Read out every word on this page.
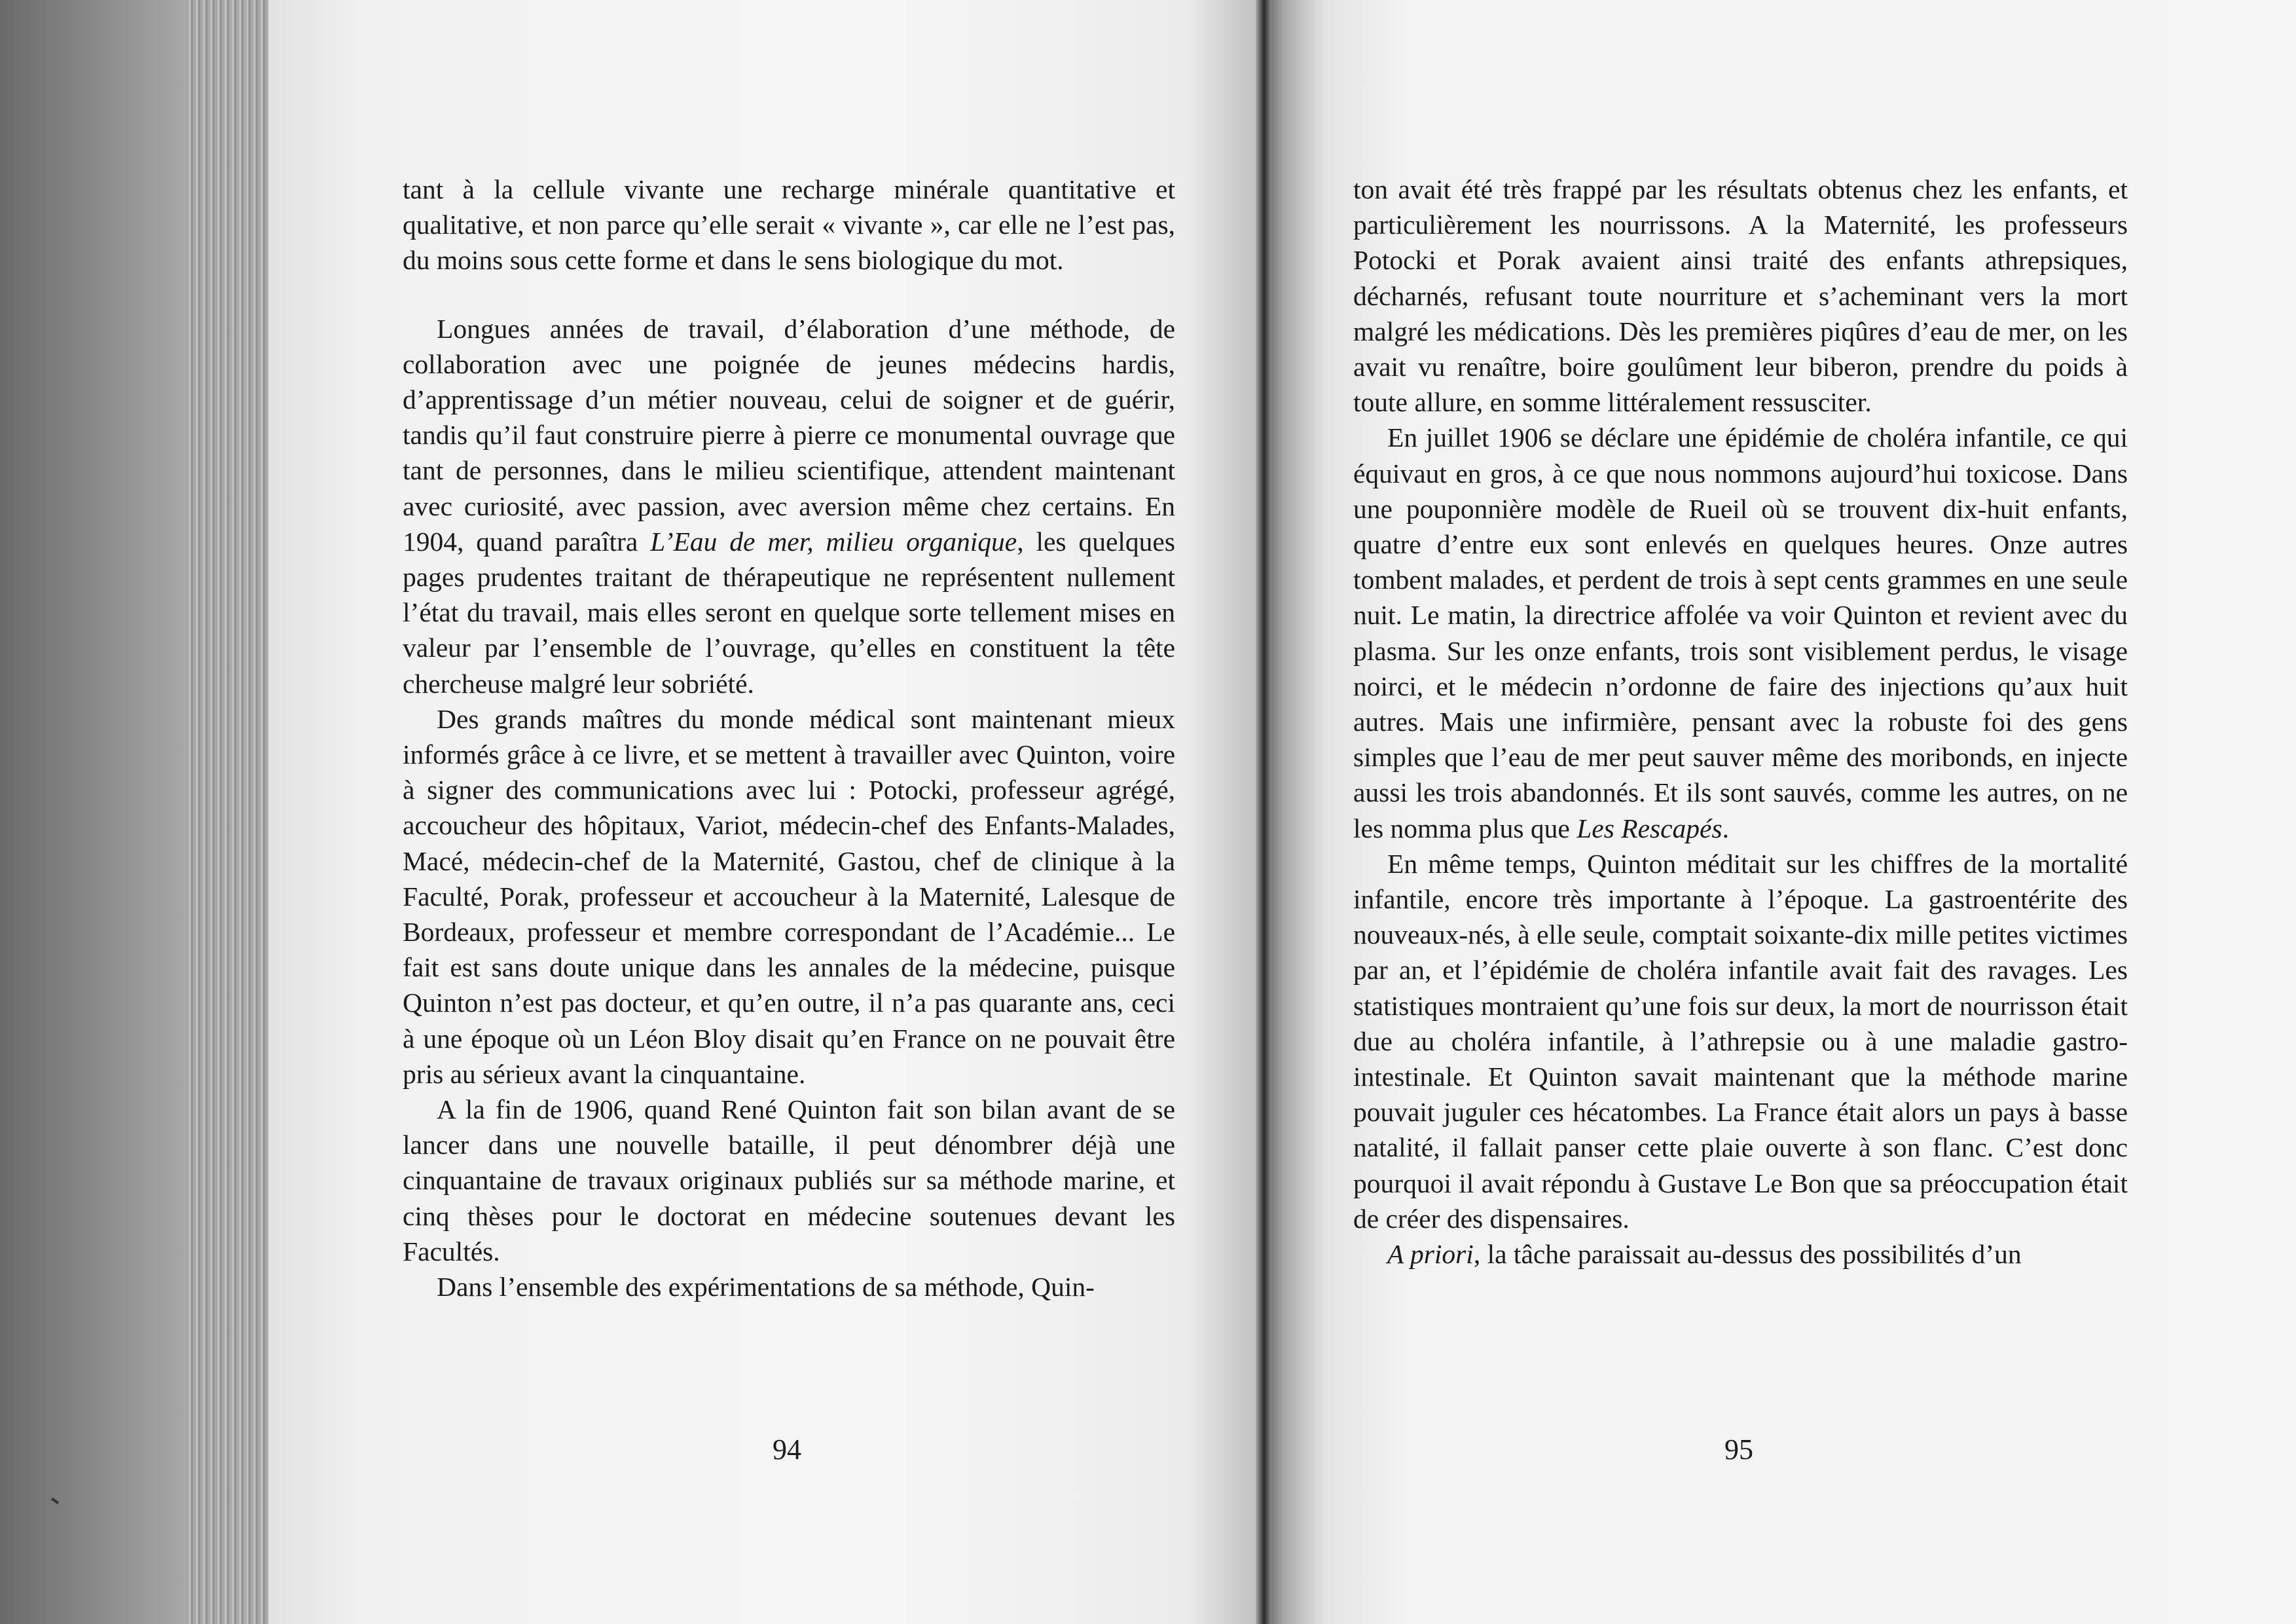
tant à la cellule vivante une recharge minérale quantitative et qualitative, et non parce qu’elle serait « vivante », car elle ne l’est pas, du moins sous cette forme et dans le sens biologique du mot.

Longues années de travail, d’élaboration d’une méthode, de collaboration avec une poignée de jeunes médecins hardis, d’apprentissage d’un métier nouveau, celui de soigner et de guérir, tandis qu’il faut construire pierre à pierre ce monumental ouvrage que tant de personnes, dans le milieu scientifique, attendent maintenant avec curiosité, avec passion, avec aversion même chez certains. En 1904, quand paraîtra L’Eau de mer, milieu organique, les quelques pages prudentes traitant de thérapeutique ne représentent nullement l’état du travail, mais elles seront en quelque sorte tellement mises en valeur par l’ensemble de l’ouvrage, qu’elles en constituent la tête chercheuse malgré leur sobriété.

Des grands maîtres du monde médical sont maintenant mieux informés grâce à ce livre, et se mettent à travailler avec Quinton, voire à signer des communications avec lui : Potocki, professeur agrégé, accoucheur des hôpitaux, Variot, médecin-chef des Enfants-Malades, Macé, médecin-chef de la Maternité, Gastou, chef de clinique à la Faculté, Porak, professeur et accoucheur à la Maternité, Lalesque de Bordeaux, professeur et membre correspondant de l’Académie... Le fait est sans doute unique dans les annales de la médecine, puisque Quinton n’est pas docteur, et qu’en outre, il n’a pas quarante ans, ceci à une époque où un Léon Bloy disait qu’en France on ne pouvait être pris au sérieux avant la cinquantaine.

A la fin de 1906, quand René Quinton fait son bilan avant de se lancer dans une nouvelle bataille, il peut dénombrer déjà une cinquantaine de travaux originaux publiés sur sa méthode marine, et cinq thèses pour le doctorat en médecine soutenues devant les Facultés.

Dans l’ensemble des expérimentations de sa méthode, Quin-

94

ton avait été très frappé par les résultats obtenus chez les enfants, et particulièrement les nourrissons. A la Maternité, les professeurs Potocki et Porak avaient ainsi traité des enfants athrepsiques, décharnés, refusant toute nourriture et s’acheminant vers la mort malgré les médications. Dès les premières piqûres d’eau de mer, on les avait vu renaître, boire goulûment leur biberon, prendre du poids à toute allure, en somme littéralement ressusciter.

En juillet 1906 se déclare une épidémie de choléra infantile, ce qui équivaut en gros, à ce que nous nommons aujourd’hui toxicose. Dans une pouponnière modèle de Rueil où se trouvent dix-huit enfants, quatre d’entre eux sont enlevés en quelques heures. Onze autres tombent malades, et perdent de trois à sept cents grammes en une seule nuit. Le matin, la directrice affolée va voir Quinton et revient avec du plasma. Sur les onze enfants, trois sont visiblement perdus, le visage noirci, et le médecin n’ordonne de faire des injections qu’aux huit autres. Mais une infirmière, pensant avec la robuste foi des gens simples que l’eau de mer peut sauver même des moribonds, en injecte aussi les trois abandonnés. Et ils sont sauvés, comme les autres, on ne les nomma plus que Les Rescapés.

En même temps, Quinton méditait sur les chiffres de la mortalité infantile, encore très importante à l’époque. La gastroentérite des nouveaux-nés, à elle seule, comptait soixante-dix mille petites victimes par an, et l’épidémie de choléra infantile avait fait des ravages. Les statistiques montraient qu’une fois sur deux, la mort de nourrisson était due au choléra infantile, à l’athrepsie ou à une maladie gastro-intestinale. Et Quinton savait maintenant que la méthode marine pouvait juguler ces hécatombes. La France était alors un pays à basse natalité, il fallait panser cette plaie ouverte à son flanc. C’est donc pourquoi il avait répondu à Gustave Le Bon que sa préoccupation était de créer des dispensaires.

A priori, la tâche paraissait au-dessus des possibilités d’un

95
